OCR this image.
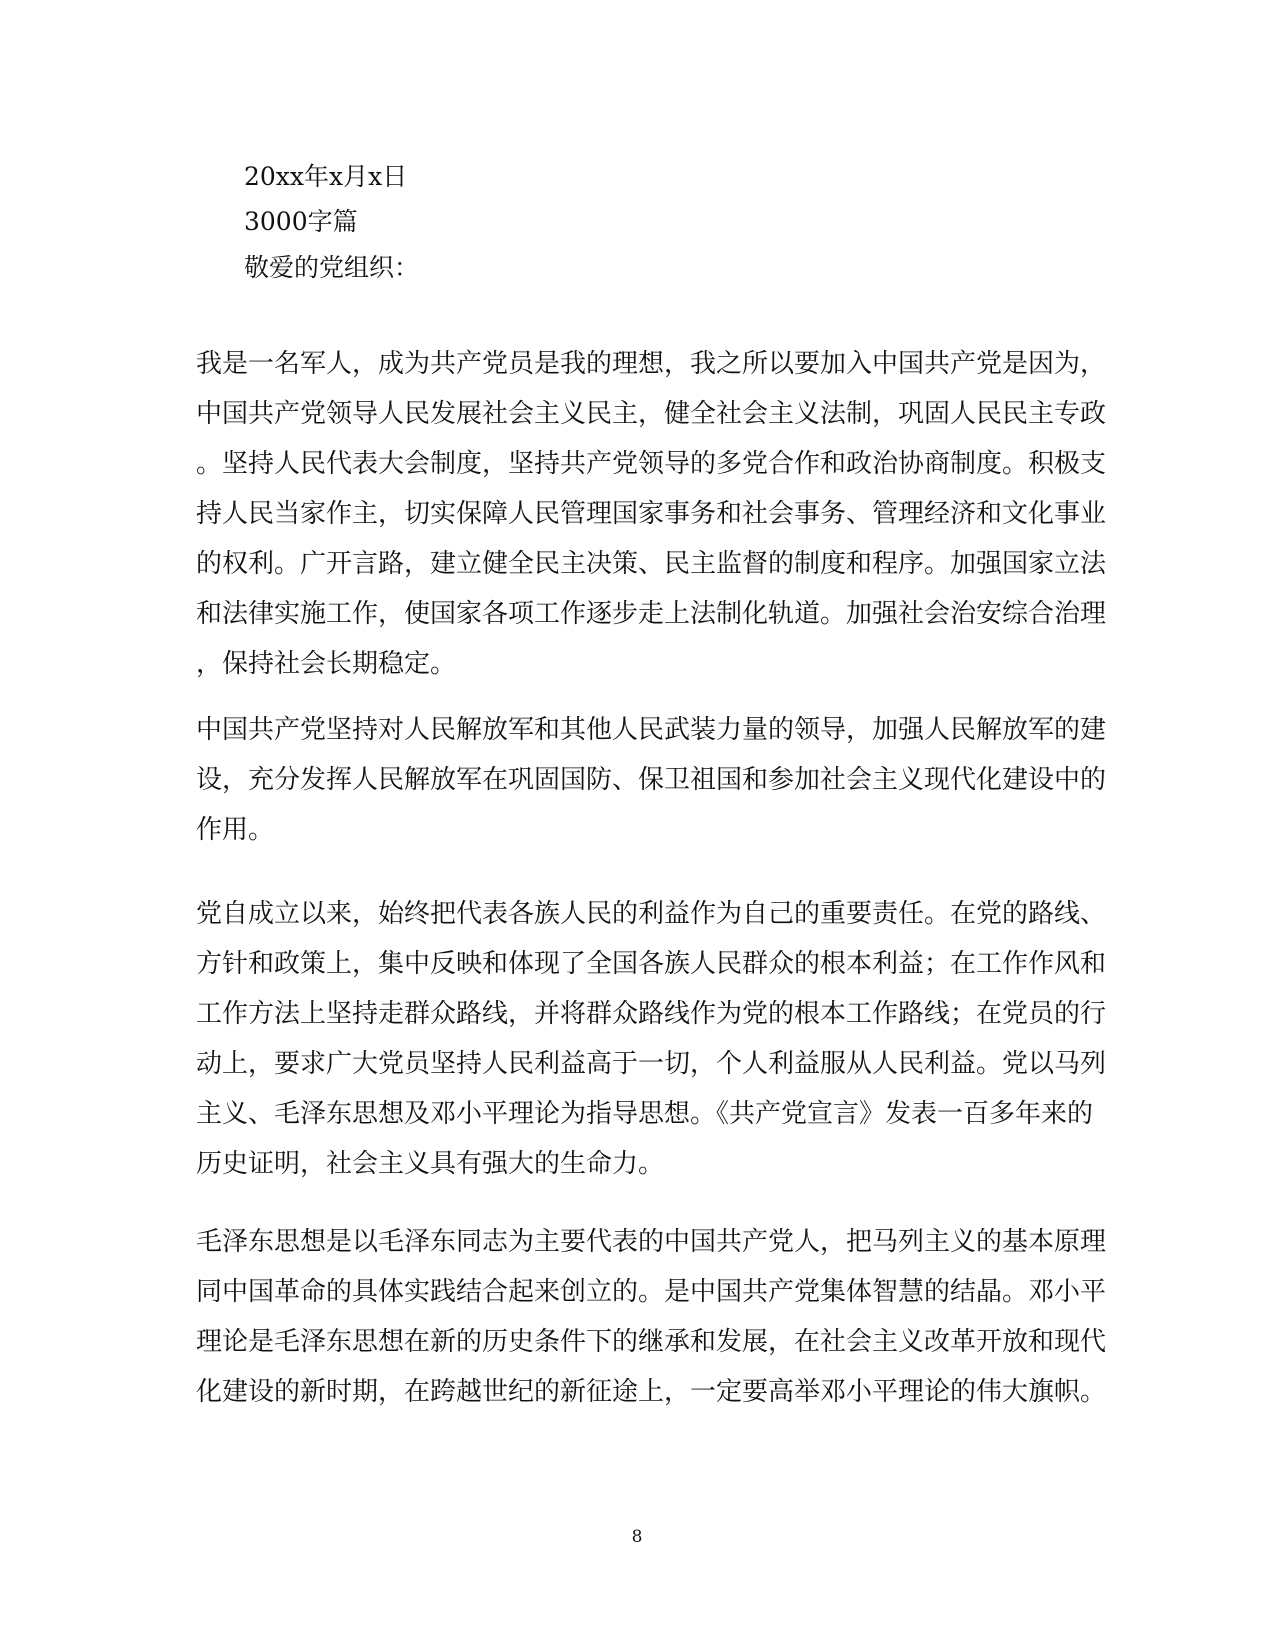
20xx年x月x日
3000字篇
敬爱的党组织：
我是一名军人，成为共产党员是我的理想，我之所以要加入中国共产党是因为，
中国共产党领导人民发展社会主义民主，健全社会主义法制，巩固人民民主专政
。坚持人民代表大会制度，坚持共产党领导的多党合作和政治协商制度。积极支
持人民当家作主，切实保障人民管理国家事务和社会事务、管理经济和文化事业
的权利。广开言路，建立健全民主决策、民主监督的制度和程序。加强国家立法
和法律实施工作，使国家各项工作逐步走上法制化轨道。加强社会治安综合治理
，保持社会长期稳定。
中国共产党坚持对人民解放军和其他人民武装力量的领导，加强人民解放军的建
设，充分发挥人民解放军在巩固国防、保卫祖国和参加社会主义现代化建设中的
作用。
党自成立以来，始终把代表各族人民的利益作为自己的重要责任。在党的路线、
方针和政策上，集中反映和体现了全国各族人民群众的根本利益；在工作作风和
工作方法上坚持走群众路线，并将群众路线作为党的根本工作路线；在党员的行
动上，要求广大党员坚持人民利益高于一切，个人利益服从人民利益。党以马列
主义、毛泽东思想及邓小平理论为指导思想。《共产党宣言》发表一百多年来的
历史证明，社会主义具有强大的生命力。
毛泽东思想是以毛泽东同志为主要代表的中国共产党人，把马列主义的基本原理
同中国革命的具体实践结合起来创立的。是中国共产党集体智慧的结晶。邓小平
理论是毛泽东思想在新的历史条件下的继承和发展，在社会主义改革开放和现代
化建设的新时期，在跨越世纪的新征途上，一定要高举邓小平理论的伟大旗帜。
8
